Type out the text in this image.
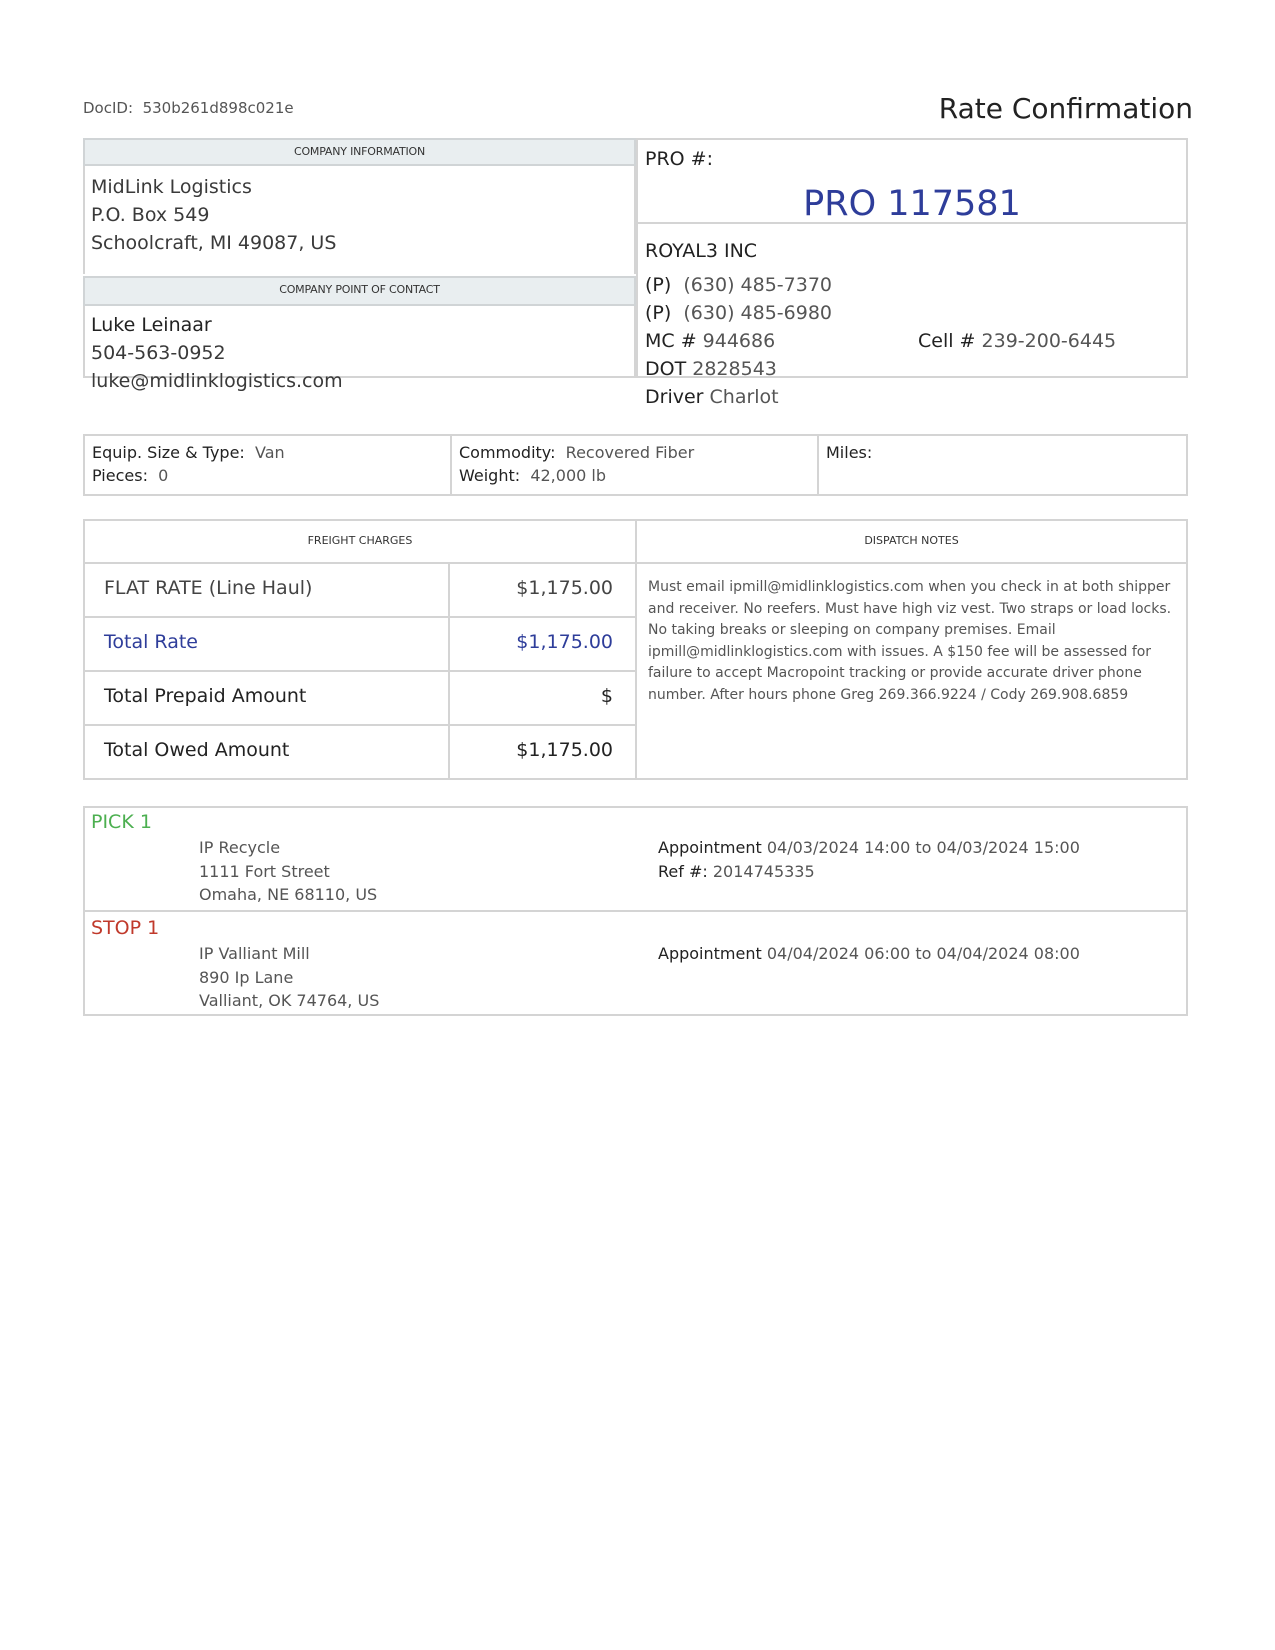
DocID: 530b261d898c021e	Rate Confirmation
COMPANY INFORMATION
MidLink Logistics
P.O. Box 549
Schoolcraft, MI 49087, US
COMPANY POINT OF CONTACT
Luke Leinaar
504-563-0952
luke@midlinklogistics.com
PRO #:
PRO 117581
ROYAL3 INC
(P) (630) 485-7370
(P) (630) 485-6980
MC # 944686	Cell # 239-200-6445
DOT 2828543
Driver Charlot
Equip. Size & Type: Van
Pieces: 0
Commodity: Recovered Fiber
Weight: 42,000 lb
Miles:
FREIGHT CHARGES
FLAT RATE (Line Haul)	$1,175.00
Total Rate	$1,175.00
Total Prepaid Amount	$
Total Owed Amount	$1,175.00
DISPATCH NOTES
Must email ipmill@midlinklogistics.com when you check in at both shipper
and receiver. No reefers. Must have high viz vest. Two straps or load locks.
No taking breaks or sleeping on company premises. Email
ipmill@midlinklogistics.com with issues. A $150 fee will be assessed for
failure to accept Macropoint tracking or provide accurate driver phone
number. After hours phone Greg 269.366.9224 / Cody 269.908.6859
PICK 1
IP Recycle
1111 Fort Street
Omaha, NE 68110, US
Appointment 04/03/2024 14:00 to 04/03/2024 15:00
Ref #: 2014745335
STOP 1
IP Valliant Mill
890 Ip Lane
Valliant, OK 74764, US
Appointment 04/04/2024 06:00 to 04/04/2024 08:00
